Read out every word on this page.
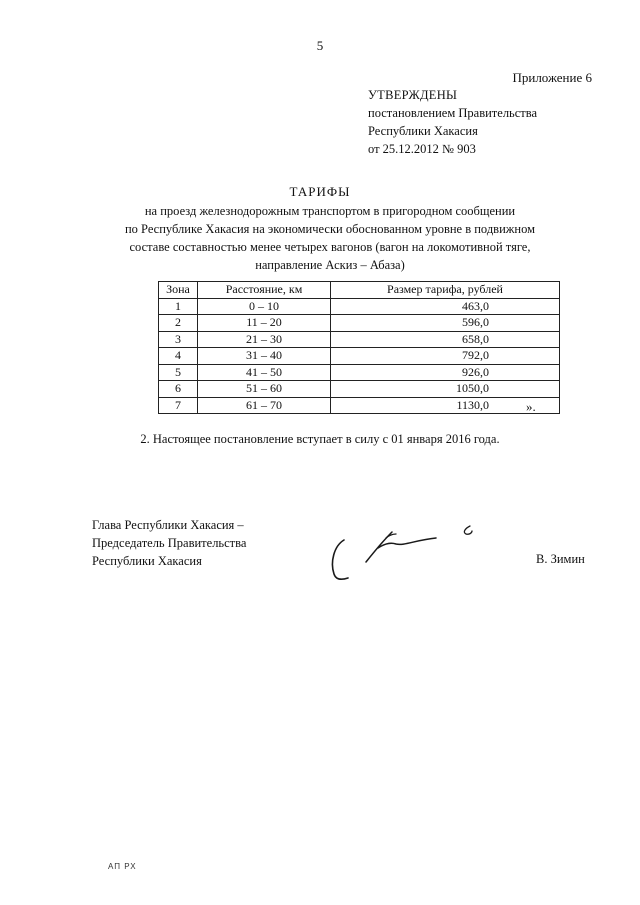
5
Приложение 6
УТВЕРЖДЕНЫ
постановлением Правительства
Республики Хакасия
от 25.12.2012 № 903
ТАРИФЫ
на проезд железнодорожным транспортом в пригородном сообщении
по Республике Хакасия на экономически обоснованном уровне в подвижном
составе составностью менее четырех вагонов (вагон на локомотивной тяге,
направление Аскиз – Абаза)
Зона	Расстояние, км	Размер тарифа, рублей
1	0 – 10	463,0
2	11 – 20	596,0
3	21 – 30	658,0
4	31 – 40	792,0
5	41 – 50	926,0
6	51 – 60	1050,0
7	61 – 70	1130,0	».
2. Настоящее постановление вступает в силу с 01 января 2016 года.
Глава Республики Хакасия –
Председатель Правительства
Республики Хакасия	В. Зимин
АП РХ
